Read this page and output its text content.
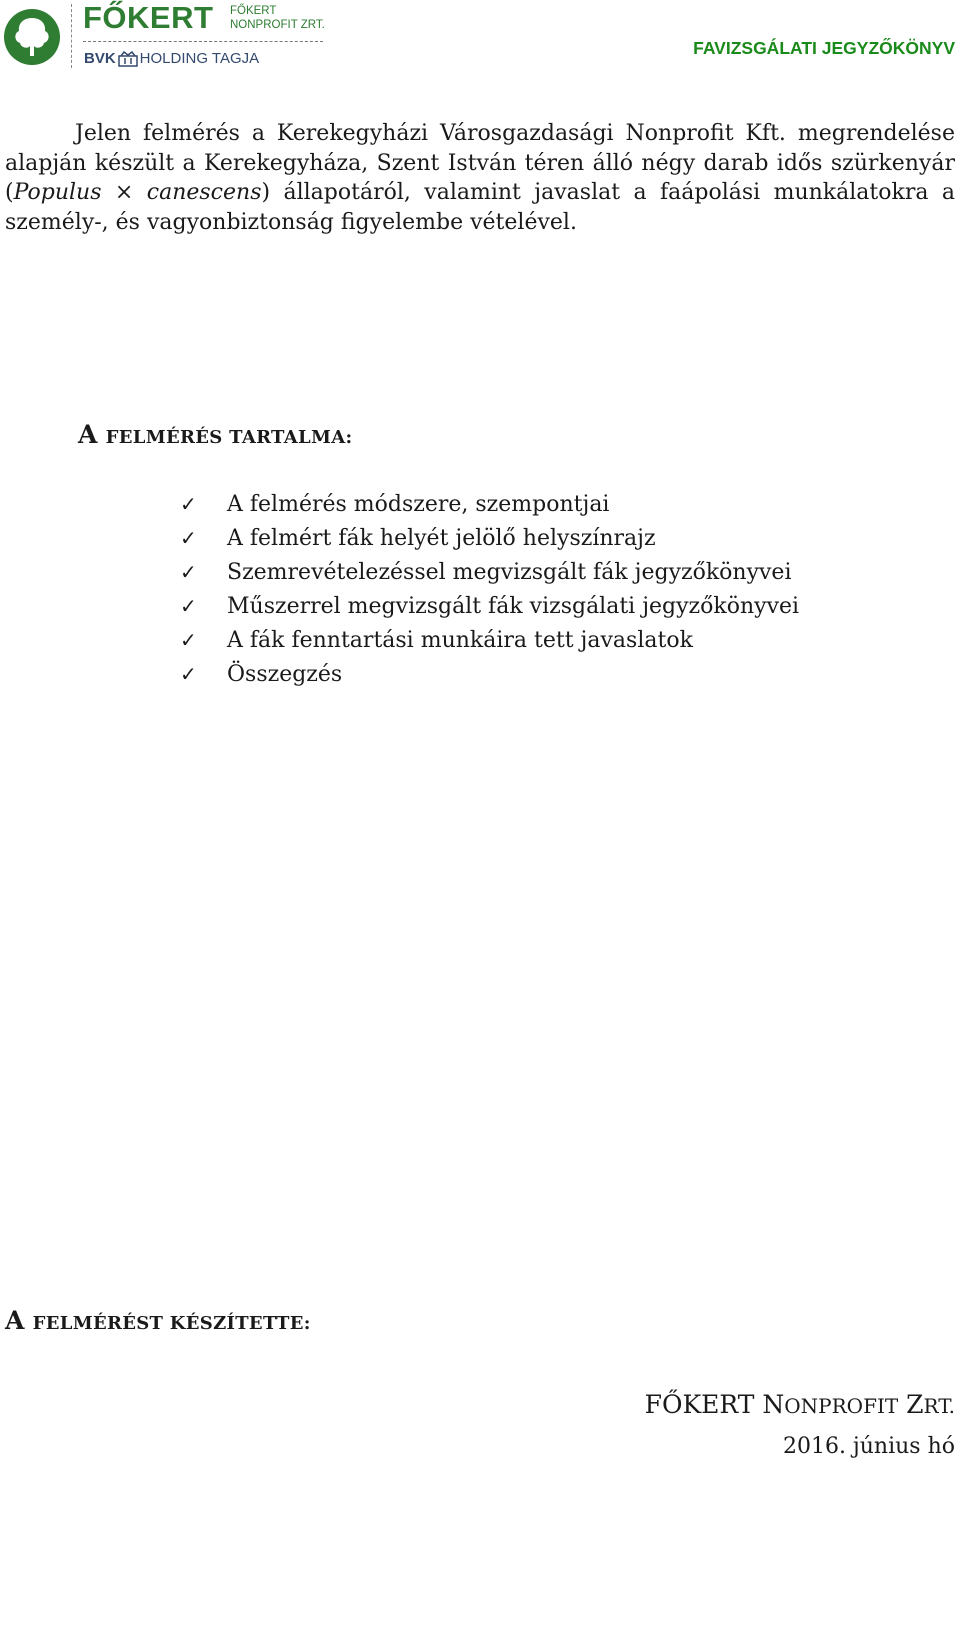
FŐKERT FŐKERT
NONPROFIT ZRT.
BVK HOLDING TAGJA
FAVIZSGÁLATI JEGYZŐKÖNYV
Jelen felmérés a Kerekegyházi Városgazdasági Nonprofit Kft. megrendelése alapján készült a Kerekegyháza, Szent István téren álló négy darab idős szürkenyár (Populus × canescens) állapotáról, valamint javaslat a faápolási munkálatokra a személy-, és vagyonbiztonság figyelembe vételével.
A FELMÉRÉS TARTALMA:
✓	A felmérés módszere, szempontjai
✓	A felmért fák helyét jelölő helyszínrajz
✓	Szemrevételezéssel megvizsgált fák jegyzőkönyvei
✓	Műszerrel megvizsgált fák vizsgálati jegyzőkönyvei
✓	A fák fenntartási munkáira tett javaslatok
✓	Összegzés
A FELMÉRÉST KÉSZÍTETTE:
FŐKERT NONPROFIT ZRT.
2016. június hó
